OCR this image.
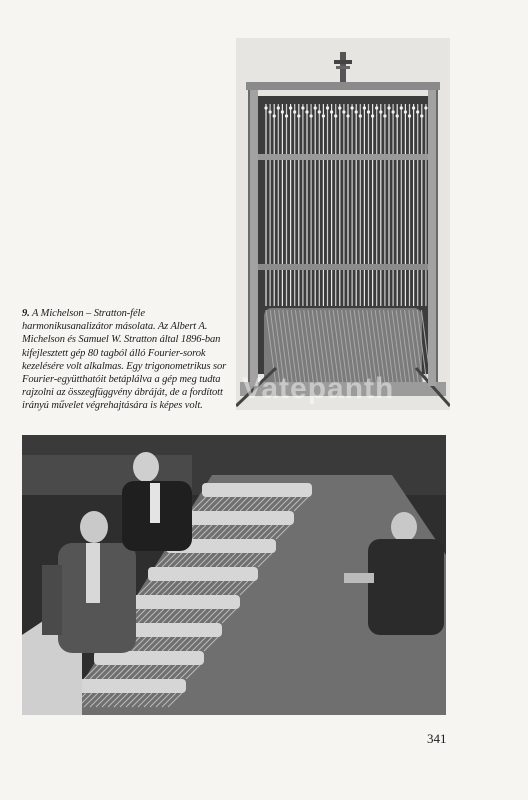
9. A Michelson – Stratton-féle harmonikusanalizátor másolata. Az Albert A. Michelson és Samuel W. Stratton által 1896-ban kifejlesztett gép 80 tagból álló Fourier-sorok kezelésére volt alkalmas. Egy trigonometrikus sor Fourier-együtthatóit betáplálva a gép meg tudta rajzolni az összegfüggvény ábráját, de a fordított irányú művelet végrehajtására is képes volt.
Vatepanth
341
